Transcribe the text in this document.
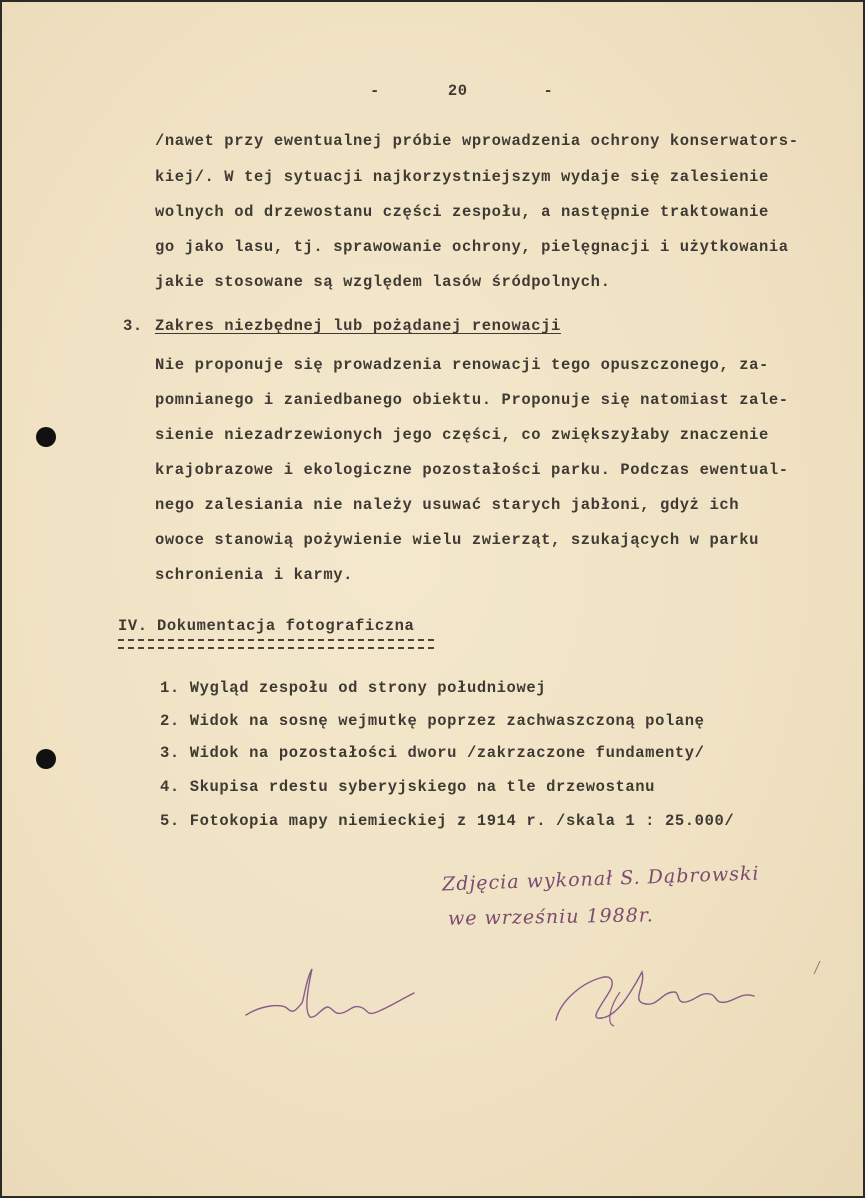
-	20	-
/nawet przy ewentualnej próbie wprowadzenia ochrony konserwators-
kiej/. W tej sytuacji najkorzystniejszym wydaje się zalesienie
wolnych od drzewostanu części zespołu, a następnie traktowanie
go jako lasu, tj. sprawowanie ochrony, pielęgnacji i użytkowania
jakie stosowane są względem lasów śródpolnych.
3. Zakres niezbędnej lub pożądanej renowacji
Nie proponuje się prowadzenia renowacji tego opuszczonego, za-
pomnianego i zaniedbanego obiektu. Proponuje się natomiast zale-
sienie niezadrzewionych jego części, co zwiększyłaby znaczenie
krajobrazowe i ekologiczne pozostałości parku. Podczas ewentual-
nego zalesiania nie należy usuwać starych jabłoni, gdyż ich
owoce stanowią pożywienie wielu zwierząt, szukających w parku
schronienia i karmy.
IV. Dokumentacja fotograficzna
1. Wygląd zespołu od strony południowej
2. Widok na sosnę wejmutkę poprzez zachwaszczoną polanę
3. Widok na pozostałości dworu /zakrzaczone fundamenty/
4. Skupisa rdestu syberyjskiego na tle drzewostanu
5. Fotokopia mapy niemieckiej z 1914 r. /skala 1 : 25.000/
Zdjęcia wykonał S. Dąbrowski
we wrześniu 1988r.
